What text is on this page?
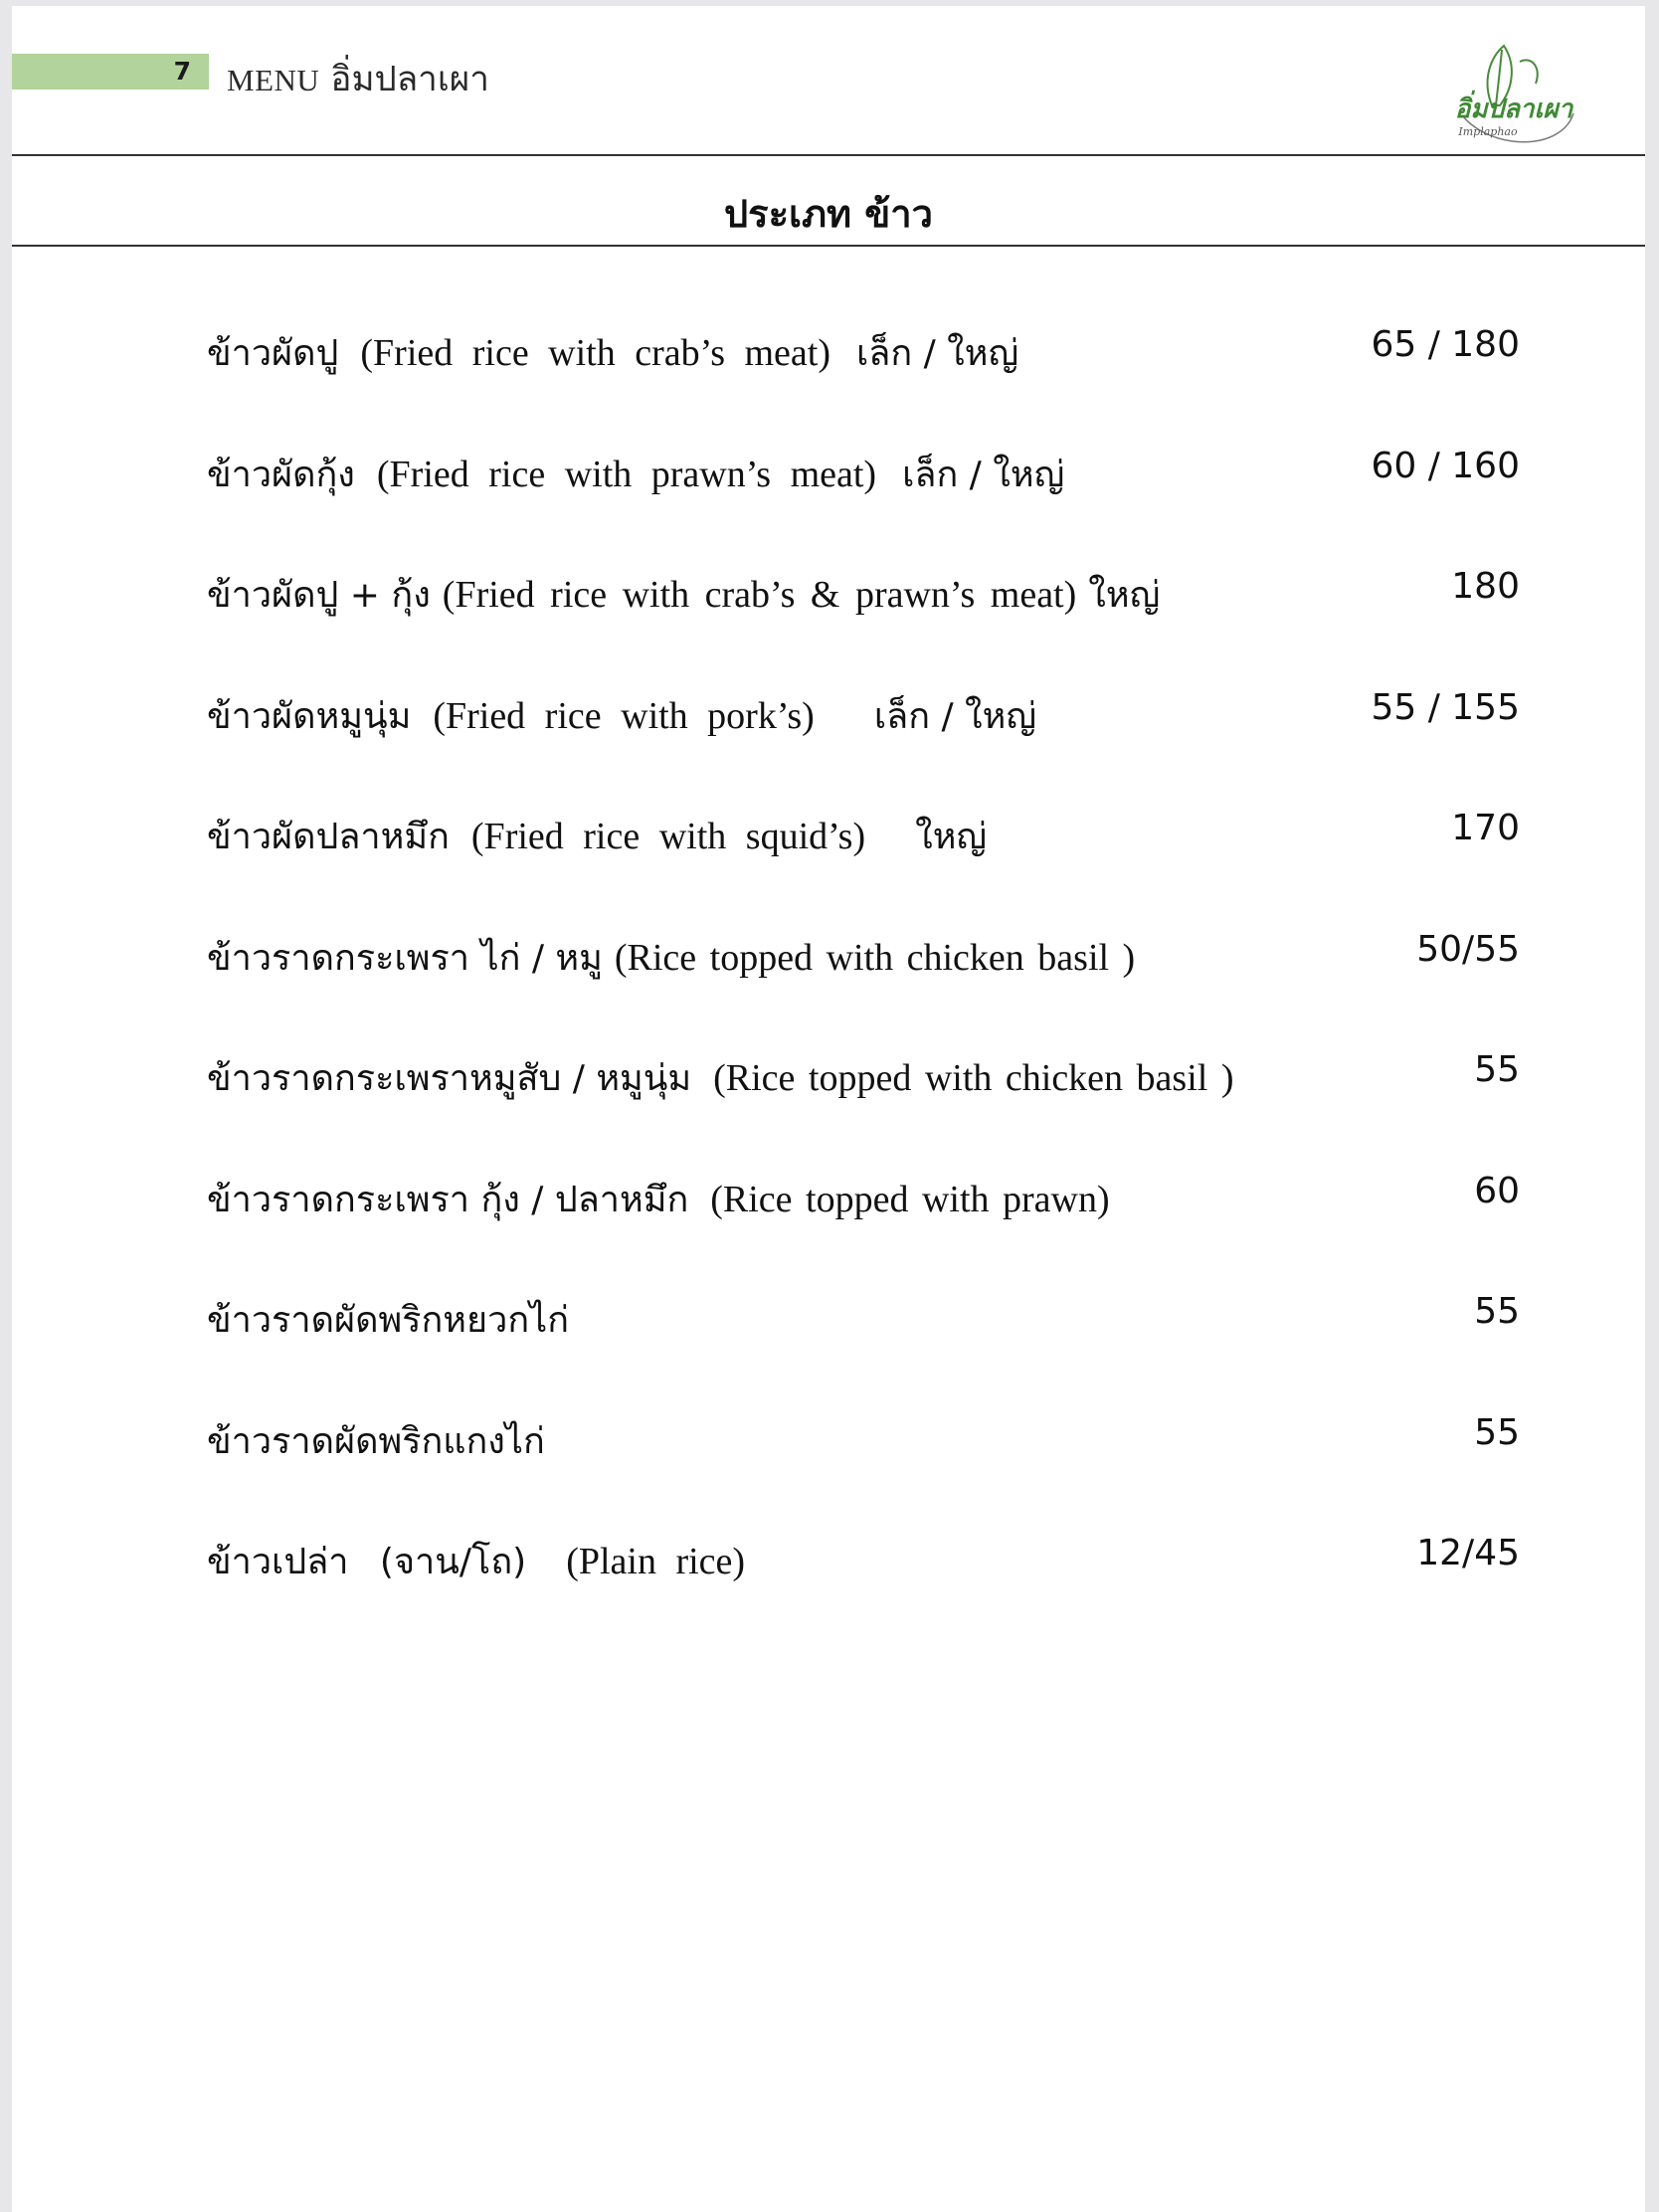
7 MENU อิ่มปลาเผา
อิ่มปลาเผา
Implaphao
ประเภท ข้าว
ข้าวผัดปู (Fried rice with crab’s meat) เล็ก / ใหญ่	65 / 180
ข้าวผัดกุ้ง (Fried rice with prawn’s meat) เล็ก / ใหญ่	60 / 160
ข้าวผัดปู + กุ้ง (Fried rice with crab’s & prawn’s meat) ใหญ่	180
ข้าวผัดหมูนุ่ม (Fried rice with pork’s) เล็ก / ใหญ่	55 / 155
ข้าวผัดปลาหมึก (Fried rice with squid’s) ใหญ่	170
ข้าวราดกระเพรา ไก่ / หมู (Rice topped with chicken basil )	50/55
ข้าวราดกระเพราหมูสับ / หมูนุ่ม (Rice topped with chicken basil )	55
ข้าวราดกระเพรา กุ้ง / ปลาหมึก (Rice topped with prawn)	60
ข้าวราดผัดพริกหยวกไก่	55
ข้าวราดผัดพริกแกงไก่	55
ข้าวเปล่า (จาน/โถ) (Plain rice)	12/45
